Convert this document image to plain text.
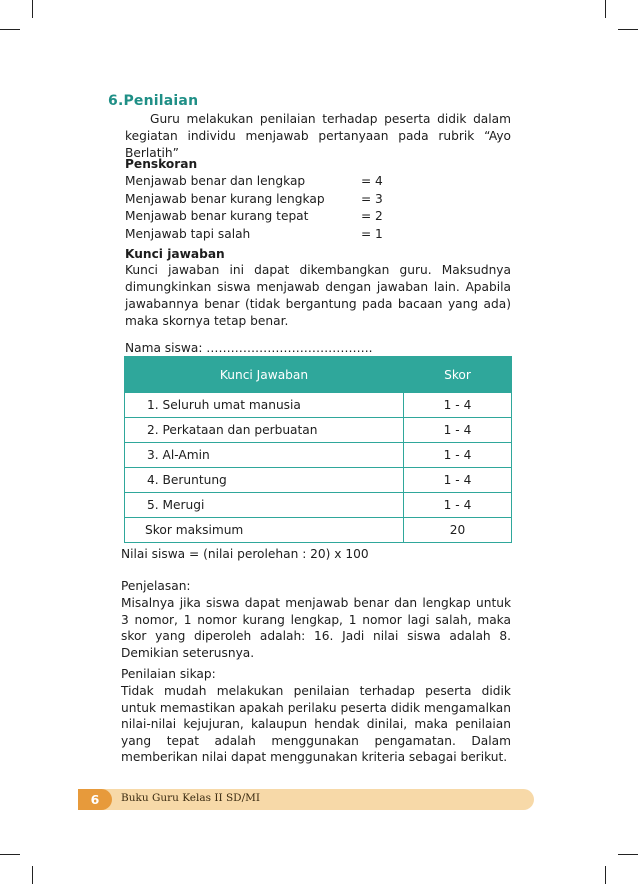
6.Penilaian
Guru melakukan penilaian terhadap peserta didik dalam kegiatan individu menjawab pertanyaan pada rubrik “Ayo Berlatih”
Penskoran
Menjawab benar dan lengkap	= 4
Menjawab benar kurang lengkap	= 3
Menjawab benar kurang tepat	= 2
Menjawab tapi salah	= 1
Kunci jawaban
Kunci jawaban ini dapat dikembangkan guru. Maksudnya dimungkinkan siswa menjawab dengan jawaban lain. Apabila jawabannya benar (tidak bergantung pada bacaan yang ada) maka skornya tetap benar.
Nama siswa: …………………………………..
Kunci Jawaban	Skor
1. Seluruh umat manusia	1 - 4
2. Perkataan dan perbuatan	1 - 4
3. Al-Amin	1 - 4
4. Beruntung	1 - 4
5. Merugi	1 - 4
Skor maksimum	20
Nilai siswa = (nilai perolehan : 20) x 100
Penjelasan:
Misalnya jika siswa dapat menjawab benar dan lengkap untuk 3 nomor, 1 nomor kurang lengkap, 1 nomor lagi salah, maka skor yang diperoleh adalah: 16. Jadi nilai siswa adalah 8. Demikian seterusnya.
Penilaian sikap:
Tidak mudah melakukan penilaian terhadap peserta didik untuk memastikan apakah perilaku peserta didik mengamalkan nilai-nilai kejujuran, kalaupun hendak dinilai, maka penilaian yang tepat adalah menggunakan pengamatan. Dalam memberikan nilai dapat menggunakan kriteria sebagai berikut.
6	Buku Guru Kelas II SD/MI
